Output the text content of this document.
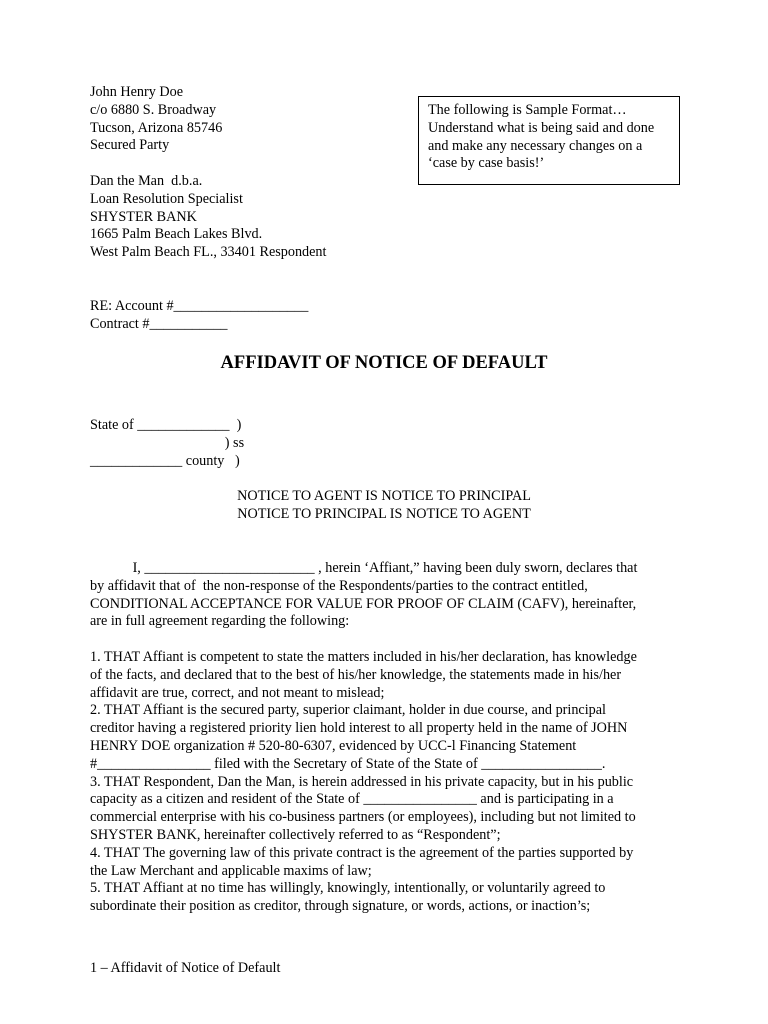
John Henry Doe
c/o 6880 S. Broadway
Tucson, Arizona 85746
Secured Party
The following is Sample Format…
Understand what is being said and done
and make any necessary changes on a
‘case by case basis!’
Dan the Man  d.b.a.
Loan Resolution Specialist
SHYSTER BANK
1665 Palm Beach Lakes Blvd.
West Palm Beach FL., 33401 Respondent
RE: Account #___________________
Contract #___________
AFFIDAVIT OF NOTICE OF DEFAULT
State of _____________  )
) ss
_____________ county   )
NOTICE TO AGENT IS NOTICE TO PRINCIPAL
NOTICE TO PRINCIPAL IS NOTICE TO AGENT
I, ________________________ , herein ‘Affiant,” having been duly sworn, declares that
by affidavit that of  the non-response of the Respondents/parties to the contract entitled,
CONDITIONAL ACCEPTANCE FOR VALUE FOR PROOF OF CLAIM (CAFV), hereinafter,
are in full agreement regarding the following:

1. THAT Affiant is competent to state the matters included in his/her declaration, has knowledge
of the facts, and declared that to the best of his/her knowledge, the statements made in his/her
affidavit are true, correct, and not meant to mislead;
2. THAT Affiant is the secured party, superior claimant, holder in due course, and principal
creditor having a registered priority lien hold interest to all property held in the name of JOHN
HENRY DOE organization # 520-80-6307, evidenced by UCC-l Financing Statement
#________________ filed with the Secretary of State of the State of _________________.
3. THAT Respondent, Dan the Man, is herein addressed in his private capacity, but in his public
capacity as a citizen and resident of the State of ________________ and is participating in a
commercial enterprise with his co-business partners (or employees), including but not limited to
SHYSTER BANK, hereinafter collectively referred to as “Respondent”;
4. THAT The governing law of this private contract is the agreement of the parties supported by
the Law Merchant and applicable maxims of law;
5. THAT Affiant at no time has willingly, knowingly, intentionally, or voluntarily agreed to
subordinate their position as creditor, through signature, or words, actions, or inaction’s;
1 – Affidavit of Notice of Default
